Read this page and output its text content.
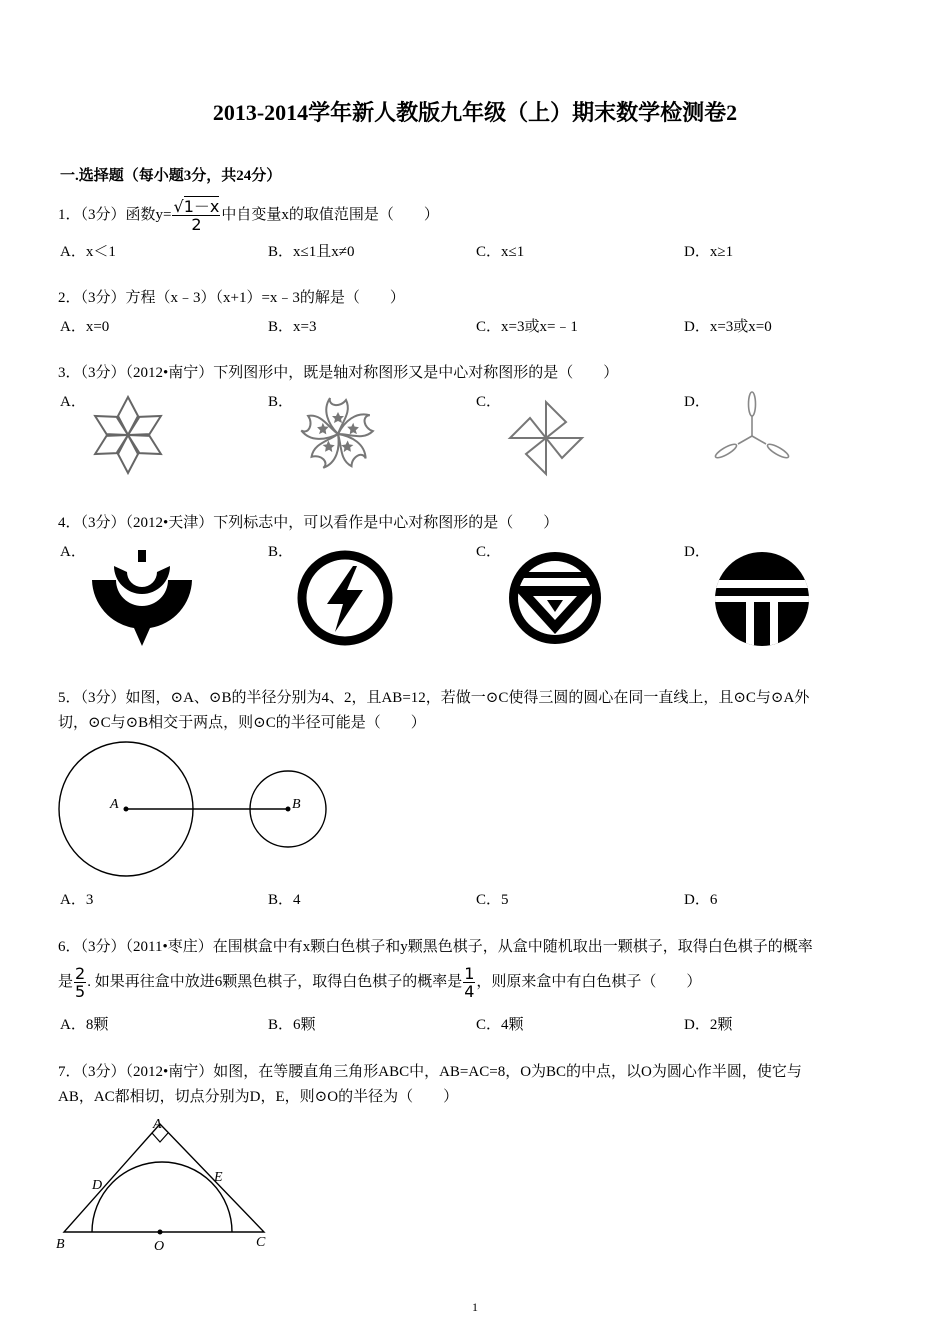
2013-2014学年新人教版九年级（上）期末数学检测卷2
一.选择题（每小题3分，共24分）
1．（3分）函数$y= \frac{√1-x}{2}$ 中自变量x的取值范围是（　　）
A．x＜1	B．x≤1且x≠0	C．x≤1	D．x≥1
2．（3分）方程（x﹣3）（x+1）=x﹣3的解是（　　）
A．x=0	B．x=3	C．x=3或x=﹣1	D．x=3或x=0
3．（3分）（2012•南宁）下列图形中，既是轴对称图形又是中心对称图形的是（　　）
A．	B．	C．	D．
4．（3分）（2012•天津）下列标志中，可以看作是中心对称图形的是（　　）
A．	B．	C．	D．
5．（3分）如图，⊙A、⊙B的半径分别为4、2，且AB=12，若做一⊙C使得三圆的圆心在同一直线上，且⊙C与⊙A外
切，⊙C与⊙B相交于两点，则⊙C的半径可能是（　　）
A	B
A．3	B．4	C．5	D．6
6．（3分）（2011•枣庄）在围棋盒中有x颗白色棋子和y颗黑色棋子，从盒中随机取出一颗棋子，取得白色棋子的概率
是 $\frac{2}{5}$ . 如果再往盒中放进6颗黑色棋子，取得白色棋子的概率是 $\frac{1}{4}$ ，则原来盒中有白色棋子（　　）
A．8颗	B．6颗	C．4颗	D．2颗
7．（3分）（2012•南宁）如图，在等腰直角三角形ABC中，AB=AC=8，O为BC的中点，以O为圆心作半圆，使它与
AB，AC都相切，切点分别为D，E，则⊙O的半径为（　　）
A
B	C
D
E
O
1
